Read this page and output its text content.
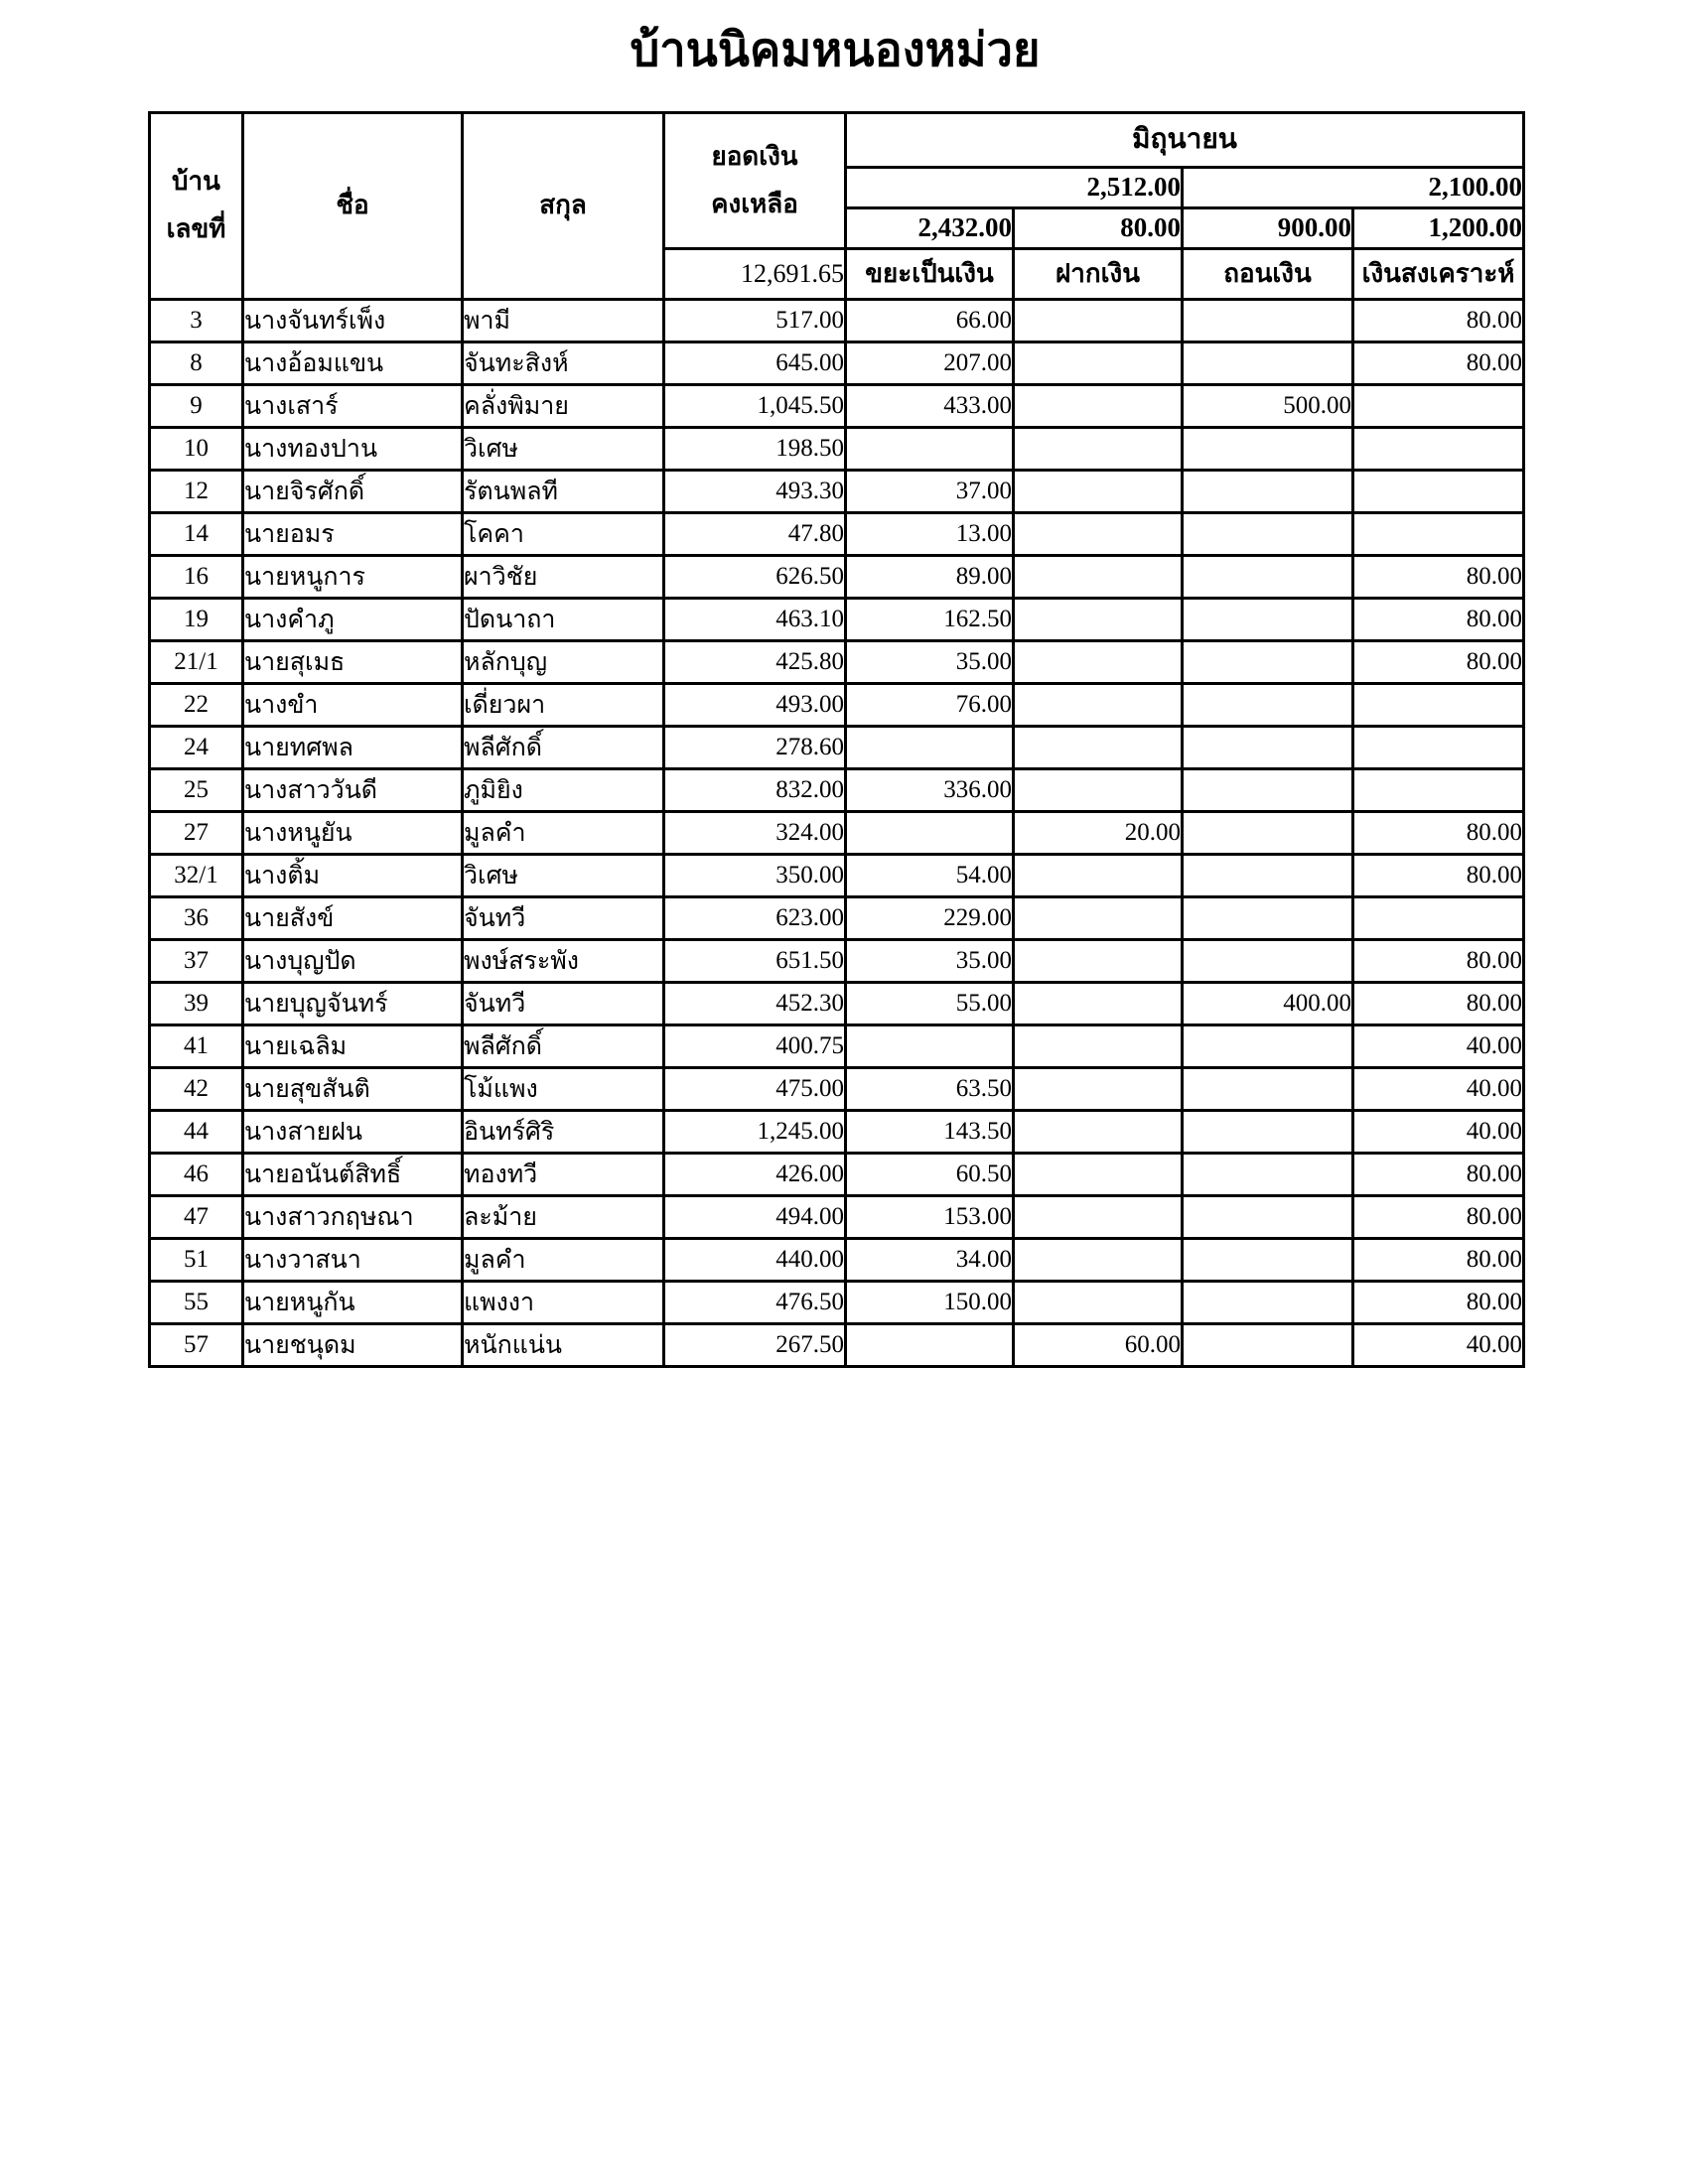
บ้านนิคมหนองหม่วย
บ้าน
เลขที่
	ชื่อ	สกุล	
ยอดเงิน
คงเหลือ
	มิถุนายน
				2,512.00		2,100.00	
				2,432.00	80.00	900.00	1,200.00
			12,691.65	ขยะเป็นเงิน	ฝากเงิน	ถอนเงิน	เงินสงเคราะห์
3	นางจันทร์เพ็ง	พามี	517.00	66.00			80.00
8	นางอ้อมแขน	จันทะสิงห์	645.00	207.00			80.00
9	นางเสาร์	คลั่งพิมาย	1,045.50	433.00		500.00	
10	นางทองปาน	วิเศษ	198.50				
12	นายจิรศักดิ์	รัตนพลที	493.30	37.00			
14	นายอมร	โคคา	47.80	13.00			
16	นายหนูการ	ผาวิชัย	626.50	89.00			80.00
19	นางคำภู	ปัดนาถา	463.10	162.50			80.00
21/1	นายสุเมธ	หลักบุญ	425.80	35.00			80.00
22	นางขำ	เดี่ยวผา	493.00	76.00			
24	นายทศพล	พลีศักดิ์	278.60				
25	นางสาววันดี	ภูมิยิง	832.00	336.00			
27	นางหนูยัน	มูลคำ	324.00		20.00		80.00
32/1	นางติ้ม	วิเศษ	350.00	54.00			80.00
36	นายสังข์	จันทวี	623.00	229.00			
37	นางบุญปัด	พงษ์สระพัง	651.50	35.00			80.00
39	นายบุญจันทร์	จันทวี	452.30	55.00		400.00	80.00
41	นายเฉลิม	พลีศักดิ์	400.75				40.00
42	นายสุขสันติ	โม้แพง	475.00	63.50			40.00
44	นางสายฝน	อินทร์ศิริ	1,245.00	143.50			40.00
46	นายอนันต์สิทธิ์	ทองทวี	426.00	60.50			80.00
47	นางสาวกฤษณา	ละม้าย	494.00	153.00			80.00
51	นางวาสนา	มูลคำ	440.00	34.00			80.00
55	นายหนูกัน	แพงงา	476.50	150.00			80.00
57	นายชนุดม	หนักแน่น	267.50		60.00		40.00
